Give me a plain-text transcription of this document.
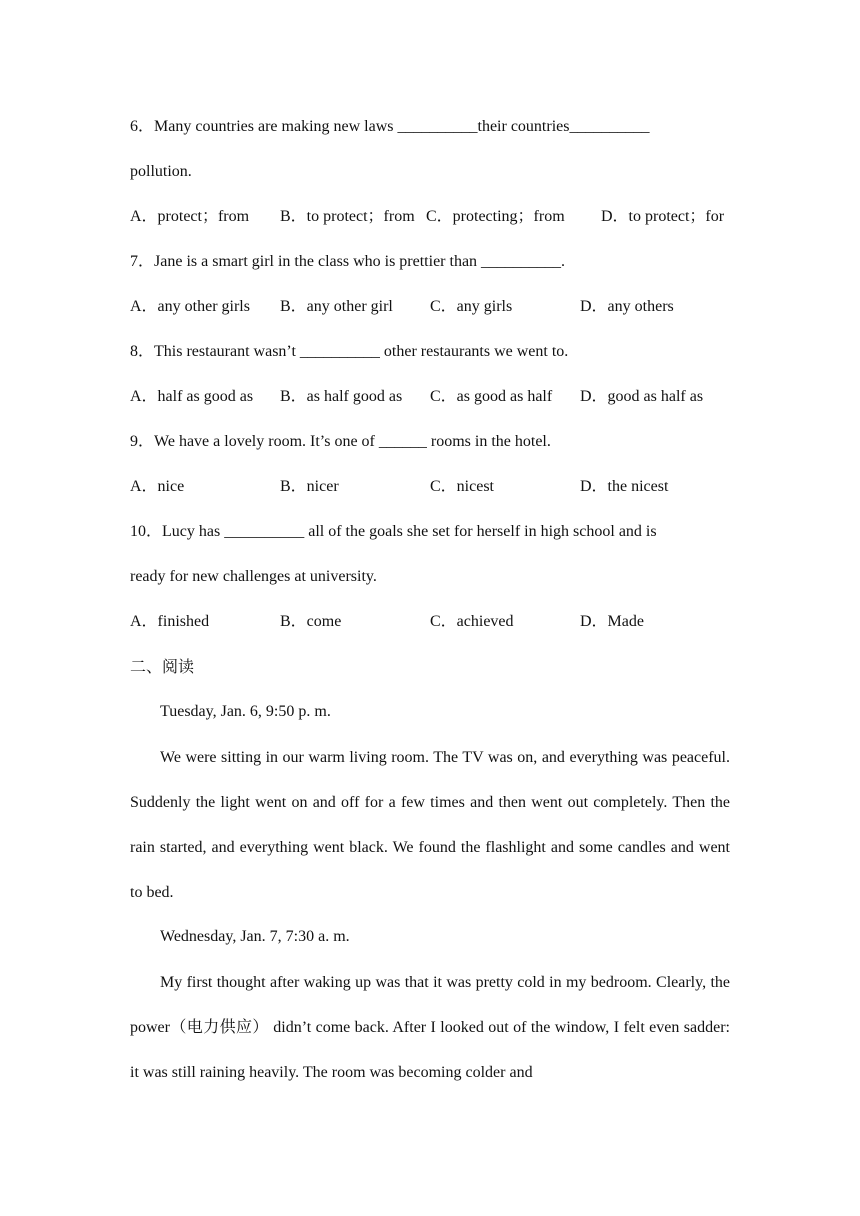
6．Many countries are making new laws __________their countries__________
pollution.
A．protect；from B．to protect；from C．protecting；from D．to protect；for
7．Jane is a smart girl in the class who is prettier than __________.
A．any other girls B．any other girl C．any girls	D．any others
8．This restaurant wasn’t __________ other restaurants we went to.
A．half as good as B．as half good as C．as good as half D．good as half as
9．We have a lovely room. It’s one of ______ rooms in the hotel.
A．nice	B．nicer	C．nicest	D．the nicest
10．Lucy has __________ all of the goals she set for herself in high school and is
ready for new challenges at university.
A．finished	B．come	C．achieved	D．Made
二、阅读
Tuesday, Jan. 6, 9:50 p. m.
We were sitting in our warm living room. The TV was on, and everything was peaceful. Suddenly the light went on and off for a few times and then went out completely. Then the rain started, and everything went black. We found the flashlight and some candles and went to bed.
Wednesday, Jan. 7, 7:30 a. m.
My first thought after waking up was that it was pretty cold in my bedroom. Clearly, the power（电力供应） didn’t come back. After I looked out of the window, I felt even sadder: it was still raining heavily. The room was becoming colder and
